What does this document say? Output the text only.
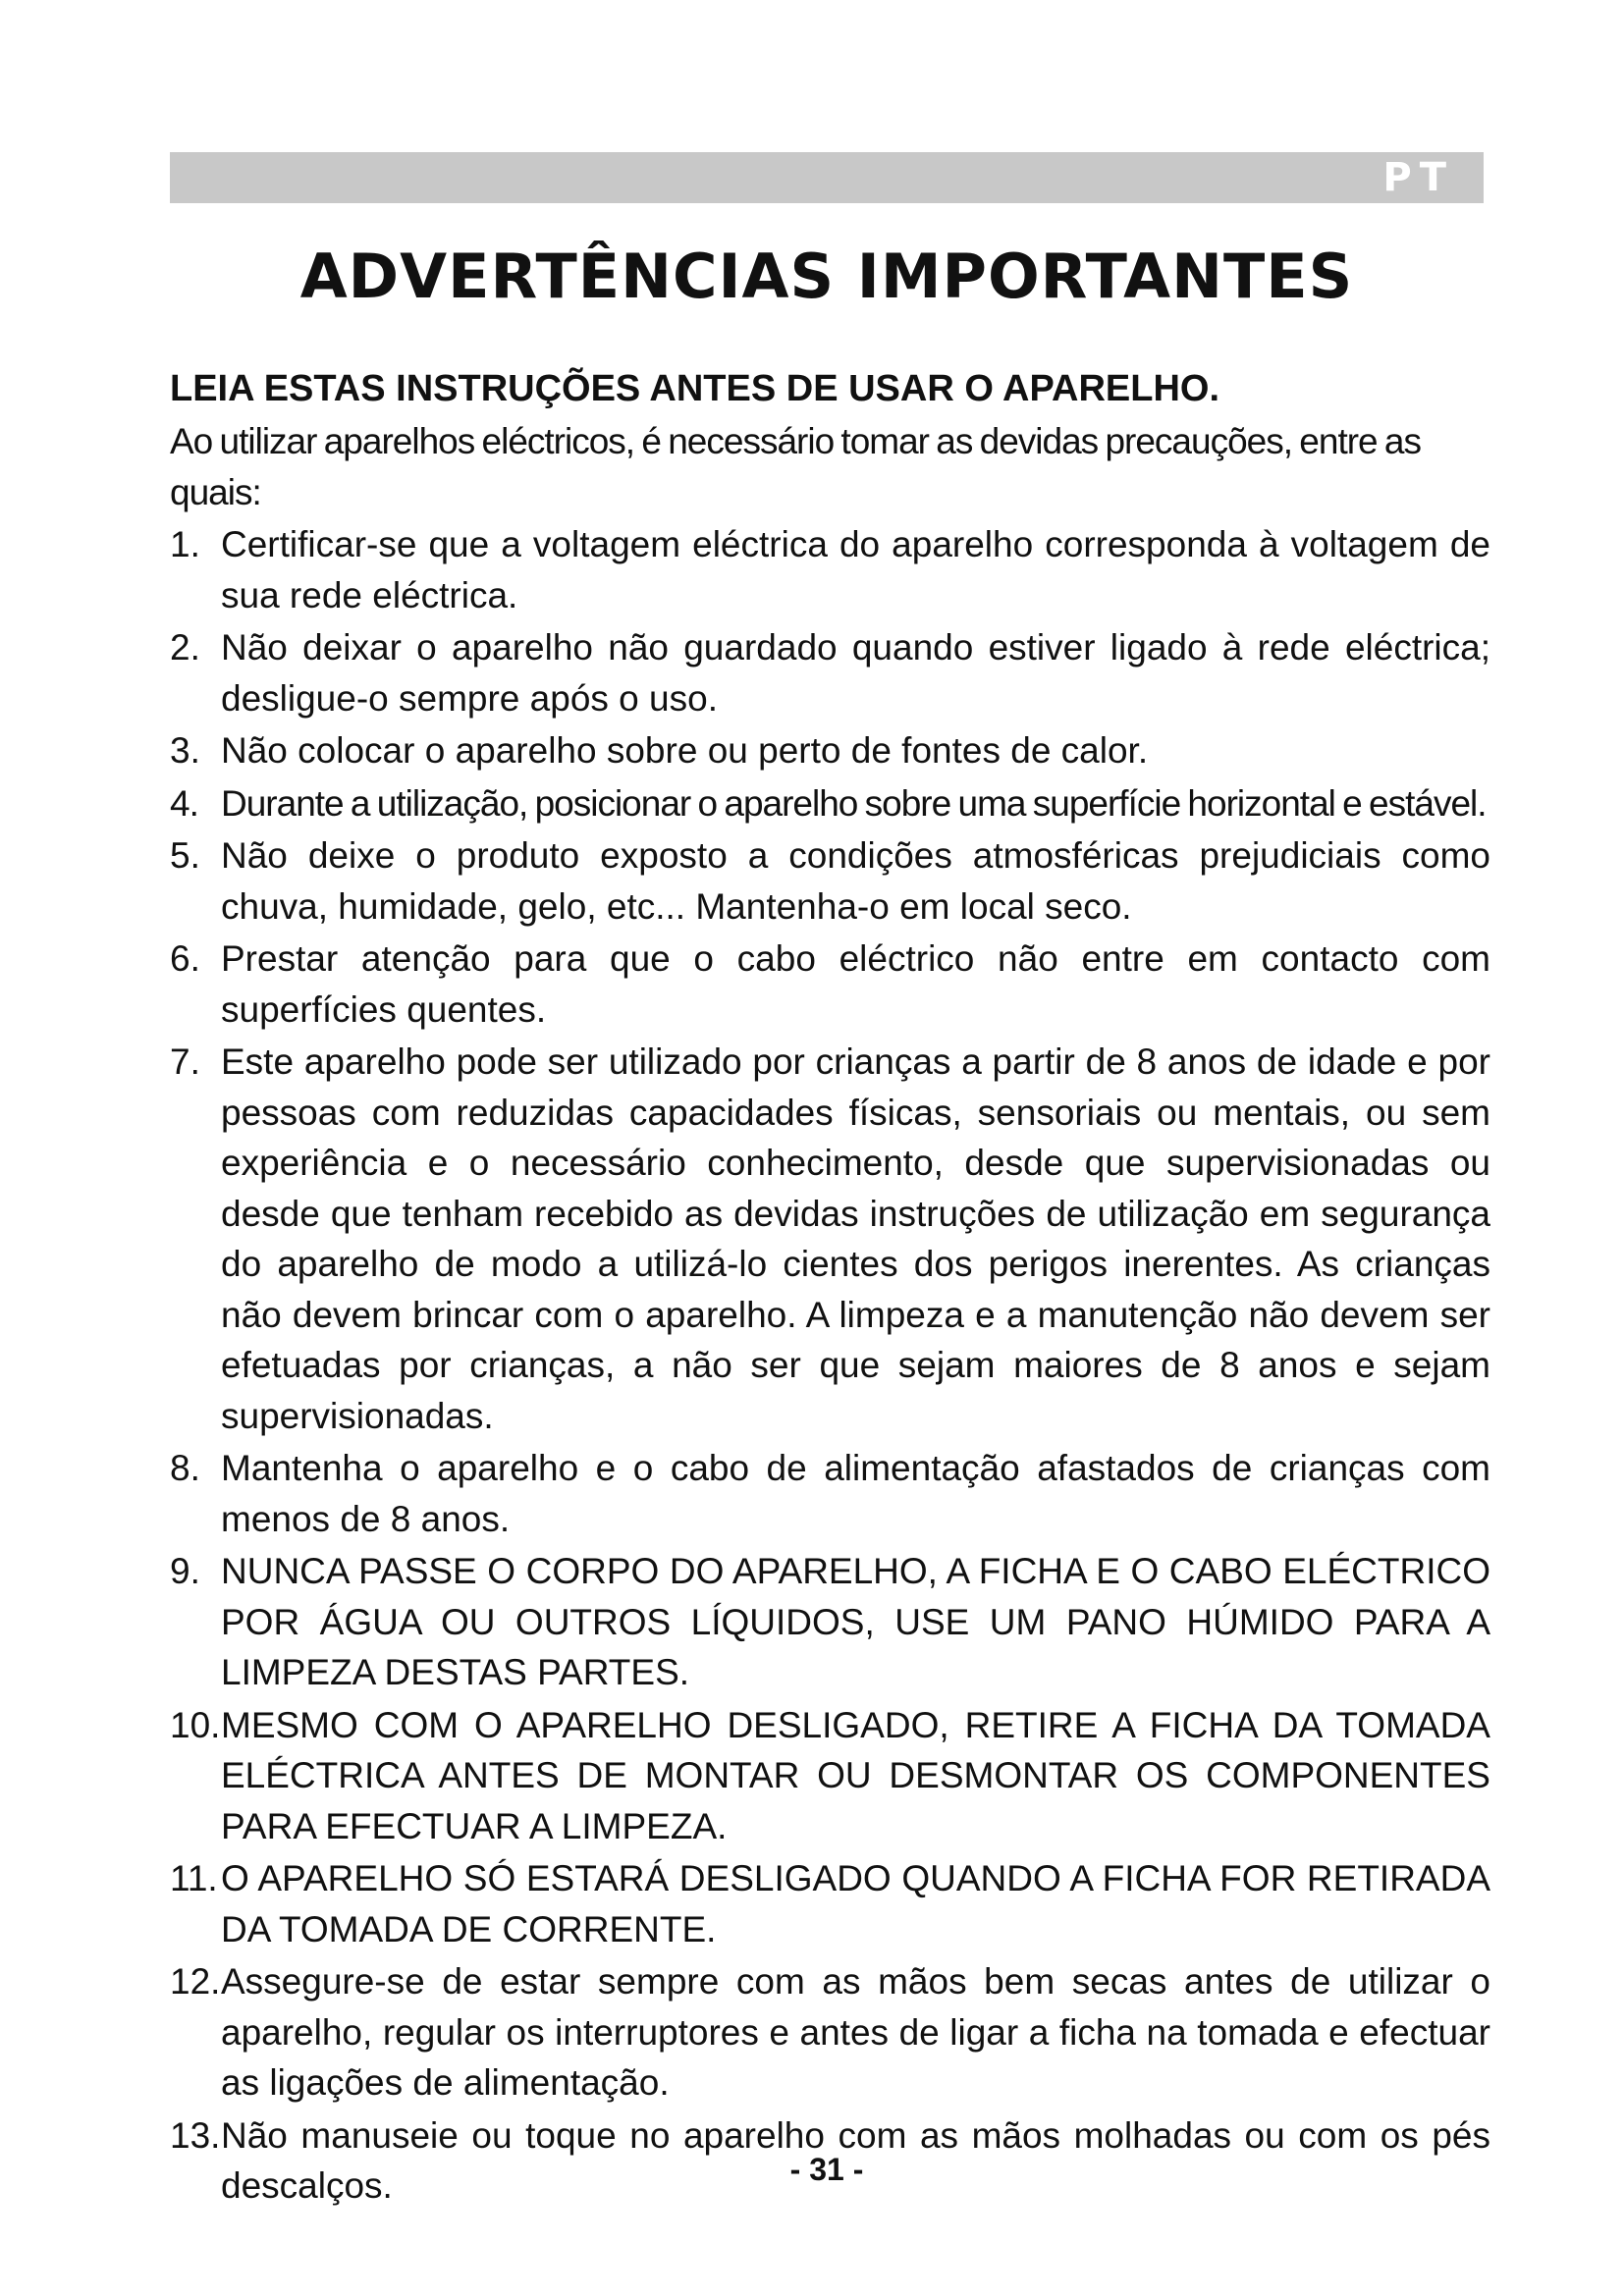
PT
ADVERTÊNCIAS IMPORTANTES
LEIA ESTAS INSTRUÇÕES ANTES DE USAR O APARELHO.
Ao utilizar aparelhos eléctricos, é necessário tomar as devidas precauções, entre as quais:
1. Certificar-se que a voltagem eléctrica do aparelho corresponda à voltagem de sua rede eléctrica.
2. Não deixar o aparelho não guardado quando estiver ligado à rede eléctrica; desligue-o sempre após o uso.
3. Não colocar o aparelho sobre ou perto de fontes de calor.
4. Durante a utilização, posicionar o aparelho sobre uma superfície horizontal e estável.
5. Não deixe o produto exposto a condições atmosféricas prejudiciais como chuva, humidade, gelo, etc... Mantenha-o em local seco.
6. Prestar atenção para que o cabo eléctrico não entre em contacto com superfícies quentes.
7. Este aparelho pode ser utilizado por crianças a partir de 8 anos de idade e por pessoas com reduzidas capacidades físicas, sensoriais ou mentais, ou sem experiência e o necessário conhecimento, desde que supervisionadas ou desde que tenham recebido as devidas instruções de utilização em segurança do aparelho de modo a utilizá-lo cientes dos perigos inerentes. As crianças não devem brincar com o aparelho. A limpeza e a manutenção não devem ser efetuadas por crianças, a não ser que sejam maiores de 8 anos e sejam supervisionadas.
8. Mantenha o aparelho e o cabo de alimentação afastados de crianças com menos de 8 anos.
9. NUNCA PASSE O CORPO DO APARELHO, A FICHA E O CABO ELÉCTRICO POR ÁGUA OU OUTROS LÍQUIDOS, USE UM PANO HÚMIDO PARA A LIMPEZA DESTAS PARTES.
10. MESMO COM O APARELHO DESLIGADO, RETIRE A FICHA DA TOMADA ELÉCTRICA ANTES DE MONTAR OU DESMONTAR OS COMPONENTES PARA EFECTUAR A LIMPEZA.
11. O APARELHO SÓ ESTARÁ DESLIGADO QUANDO A FICHA FOR RETIRADA DA TOMADA DE CORRENTE.
12. Assegure-se de estar sempre com as mãos bem secas antes de utilizar o aparelho, regular os interruptores e antes de ligar a ficha na tomada e efectuar as ligações de alimentação.
13. Não manuseie ou toque no aparelho com as mãos molhadas ou com os pés descalços.	- 31 -
